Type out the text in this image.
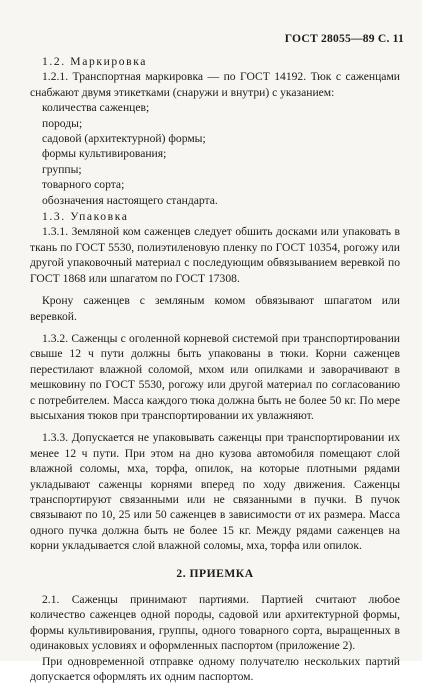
ГОСТ 28055—89 С. 11
1.2. Маркировка

1.2.1. Транспортная маркировка — по ГОСТ 14192. Тюк с саженцами снабжают двумя этикетками (снаружи и внутри) с указанием:

количества саженцев;
породы;
садовой (архитектурной) формы;
формы культивирования;
группы;
товарного сорта;
обозначения настоящего стандарта.
1.3. Упаковка

1.3.1. Земляной ком саженцев следует обшить досками или упаковать в ткань по ГОСТ 5530, полиэтиленовую пленку по ГОСТ 10354, рогожу или другой упаковочный материал с последующим обвязыванием веревкой по ГОСТ 1868 или шпагатом по ГОСТ 17308.

Крону саженцев с земляным комом обвязывают шпагатом или веревкой.

1.3.2. Саженцы с оголенной корневой системой при транспортировании свыше 12 ч пути должны быть упакованы в тюки. Корни саженцев перестилают влажной соломой, мхом или опилками и заворачивают в мешковину по ГОСТ 5530, рогожу или другой материал по согласованию с потребителем. Масса каждого тюка должна быть не более 50 кг. По мере высыхания тюков при транспортировании их увлажняют.

1.3.3. Допускается не упаковывать саженцы при транспортировании их менее 12 ч пути. При этом на дно кузова автомобиля помещают слой влажной соломы, мха, торфа, опилок, на которые плотными рядами укладывают саженцы корнями вперед по ходу движения. Саженцы транспортируют связанными или не связанными в пучки. В пучок связывают по 10, 25 или 50 саженцев в зависимости от их размера. Масса одного пучка должна быть не более 15 кг. Между рядами саженцев на корни укладывается слой влажной соломы, мха, торфа или опилок.

2. ПРИЕМКА

2.1. Саженцы принимают партиями. Партией считают любое количество саженцев одной породы, садовой или архитектурной формы, формы культивирования, группы, одного товарного сорта, выращенных в одинаковых условиях и оформленных паспортом (приложение 2).

При одновременной отправке одному получателю нескольких партий допускается оформлять их одним паспортом.
